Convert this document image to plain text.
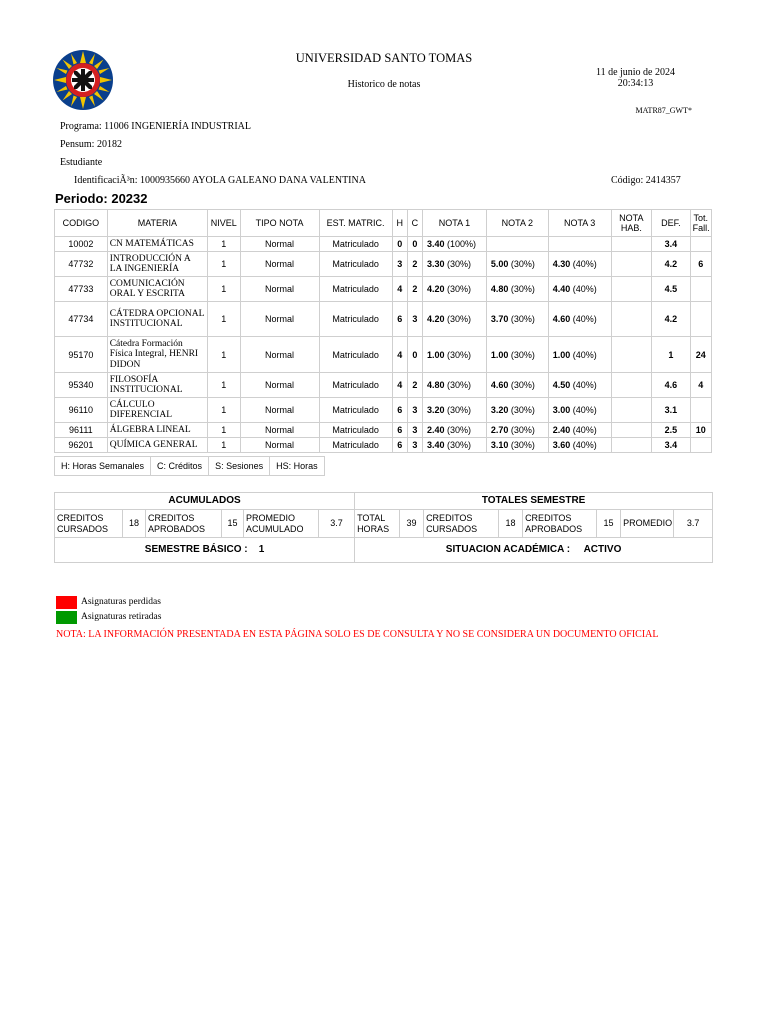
UNIVERSIDAD SANTO TOMAS
Historico de notas
11 de junio de 2024
20:34:13
MATR87_GWT*
Programa: 11006 INGENIERÍA INDUSTRIAL
Pensum: 20182
Estudiante
IdentificaciÃ³n: 1000935660 AYOLA GALEANO DANA VALENTINA	Código: 2414357
Periodo: 20232
CODIGO	MATERIA	NIVEL	TIPO NOTA	EST. MATRIC.	H	C	NOTA 1	NOTA 2	NOTA 3	NOTA HAB.	DEF.	Tot. Fall.
10002	CN MATEMÁTICAS	1	Normal	Matriculado	0	0	3.40 (100%)				3.4	
47732	INTRODUCCIÓN A LA INGENIERÍA	1	Normal	Matriculado	3	2	3.30 (30%)	5.00 (30%)	4.30 (40%)		4.2	6
47733	COMUNICACIÓN ORAL Y ESCRITA	1	Normal	Matriculado	4	2	4.20 (30%)	4.80 (30%)	4.40 (40%)		4.5	
47734	CÁTEDRA OPCIONAL INSTITUCIONAL	1	Normal	Matriculado	6	3	4.20 (30%)	3.70 (30%)	4.60 (40%)		4.2	
95170	Cátedra Formación Física Integral, HENRI DIDON	1	Normal	Matriculado	4	0	1.00 (30%)	1.00 (30%)	1.00 (40%)		1	24
95340	FILOSOFÍA INSTITUCIONAL	1	Normal	Matriculado	4	2	4.80 (30%)	4.60 (30%)	4.50 (40%)		4.6	4
96110	CÁLCULO DIFERENCIAL	1	Normal	Matriculado	6	3	3.20 (30%)	3.20 (30%)	3.00 (40%)		3.1	
96111	ÁLGEBRA LINEAL	1	Normal	Matriculado	6	3	2.40 (30%)	2.70 (30%)	2.40 (40%)		2.5	10
96201	QUÍMICA GENERAL	1	Normal	Matriculado	6	3	3.40 (30%)	3.10 (30%)	3.60 (40%)		3.4	
H: Horas Semanales	C: Créditos	S: Sesiones	HS: Horas
ACUMULADOS						TOTALES SEMESTRE							
CREDITOS CURSADOS	18	CREDITOS APROBADOS	15	PROMEDIO ACUMULADO	3.7	TOTAL HORAS	39	CREDITOS CURSADOS	18	CREDITOS APROBADOS	15	PROMEDIO	3.7
SEMESTRE BÁSICO :    1						SITUACION ACADÉMICA :     ACTIVO							
Asignaturas perdidas
Asignaturas retiradas
NOTA: LA INFORMACIÓN PRESENTADA EN ESTA PÁGINA SOLO ES DE CONSULTA Y NO SE CONSIDERA UN DOCUMENTO OFICIAL
